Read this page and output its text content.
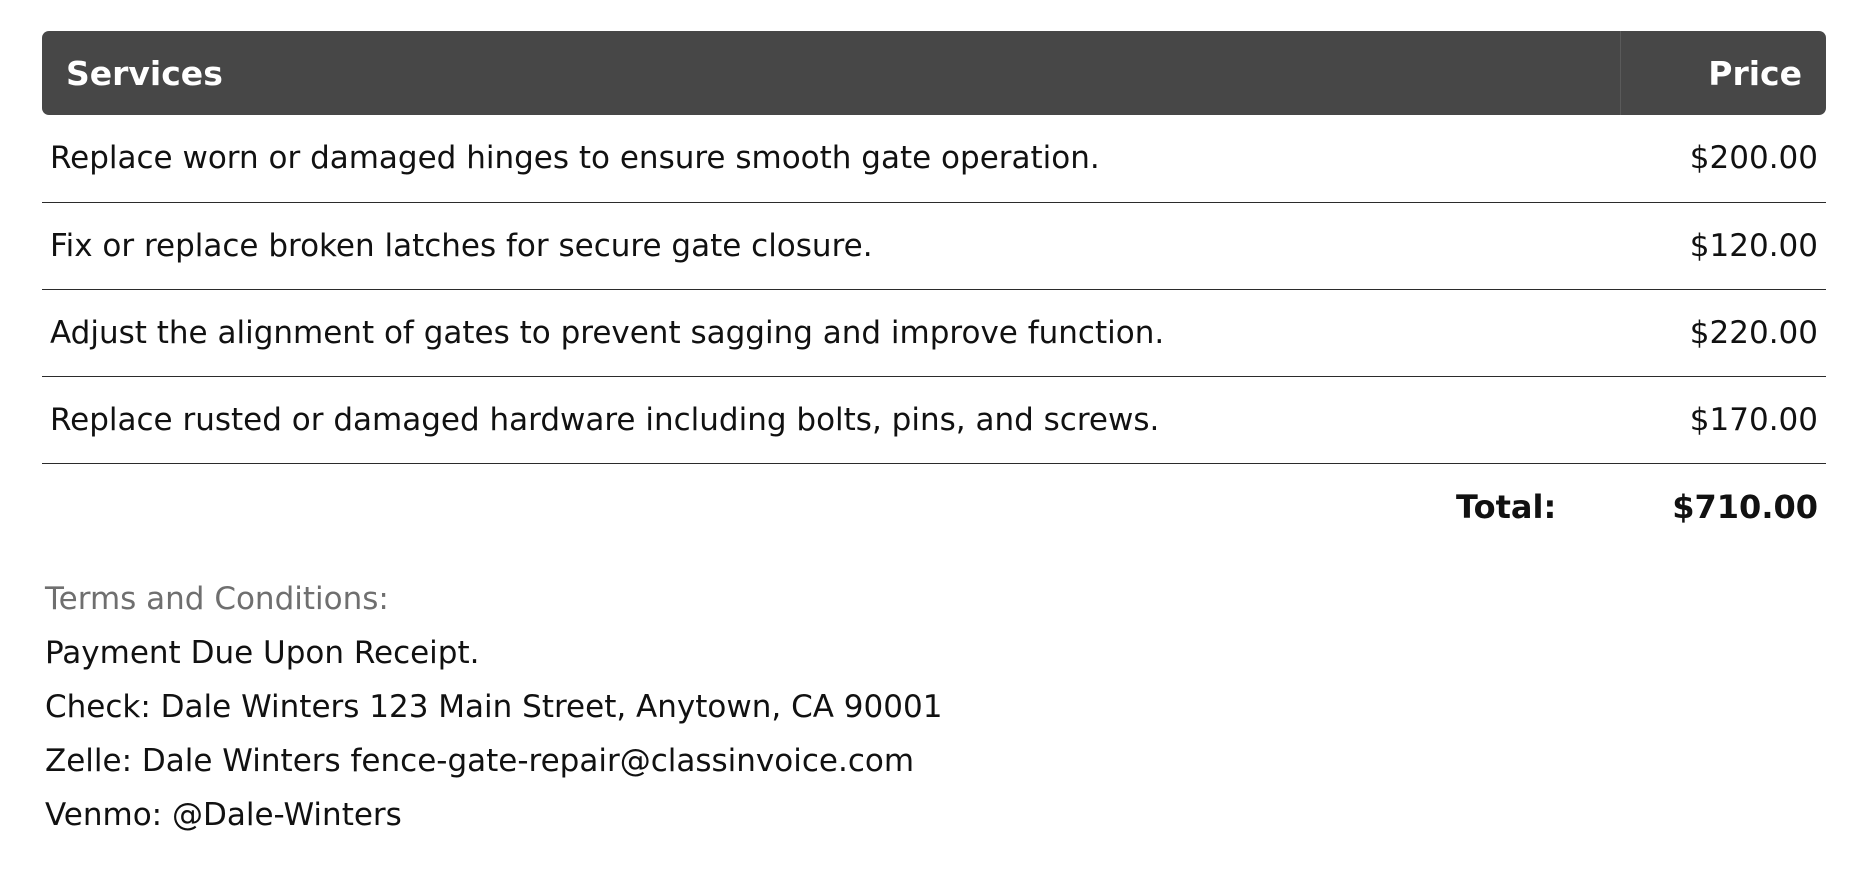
Services	Price
Replace worn or damaged hinges to ensure smooth gate operation.	$200.00
Fix or replace broken latches for secure gate closure.	$120.00
Adjust the alignment of gates to prevent sagging and improve function.	$220.00
Replace rusted or damaged hardware including bolts, pins, and screws.	$170.00
Total:	$710.00
Terms and Conditions:
Payment Due Upon Receipt.
Check: Dale Winters 123 Main Street, Anytown, CA 90001
Zelle: Dale Winters fence-gate-repair@classinvoice.com
Venmo: @Dale-Winters
